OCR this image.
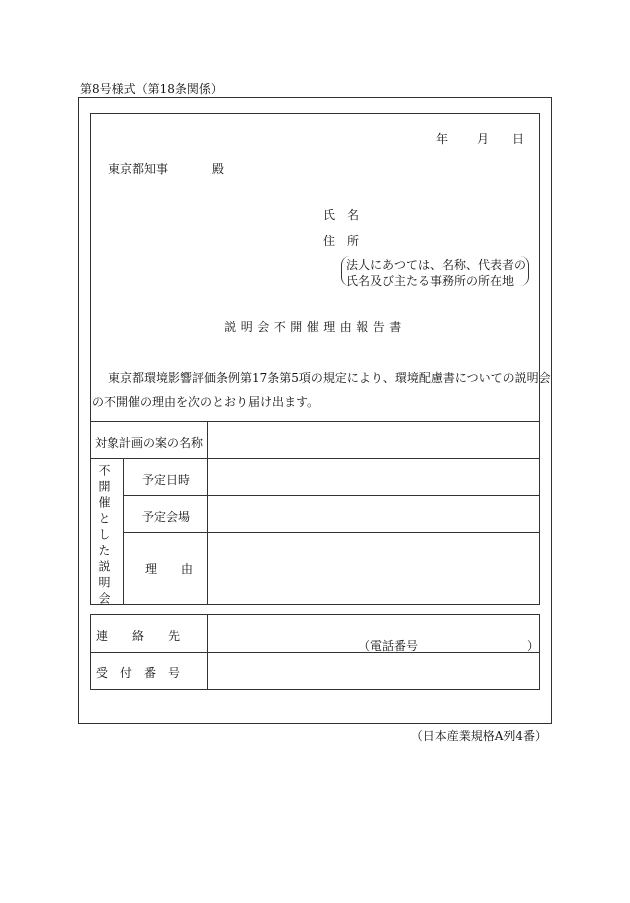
第8号様式（第18条関係）
年 月 日
東京都知事	殿
氏　名
住　所
法人にあつては、名称、代表者の
氏名及び主たる事務所の所在地
説明会不開催理由報告書
東京都環境影響評価条例第17条第5項の規定により、環境配慮書についての説明会
の不開催の理由を次のとおり届け出ます。
対象計画の案の名称
不開催とした説明会	予定日時
予定会場
理　　由
連　　絡　　先
（電話番号	）
受　付　番　号
（日本産業規格A列4番）
